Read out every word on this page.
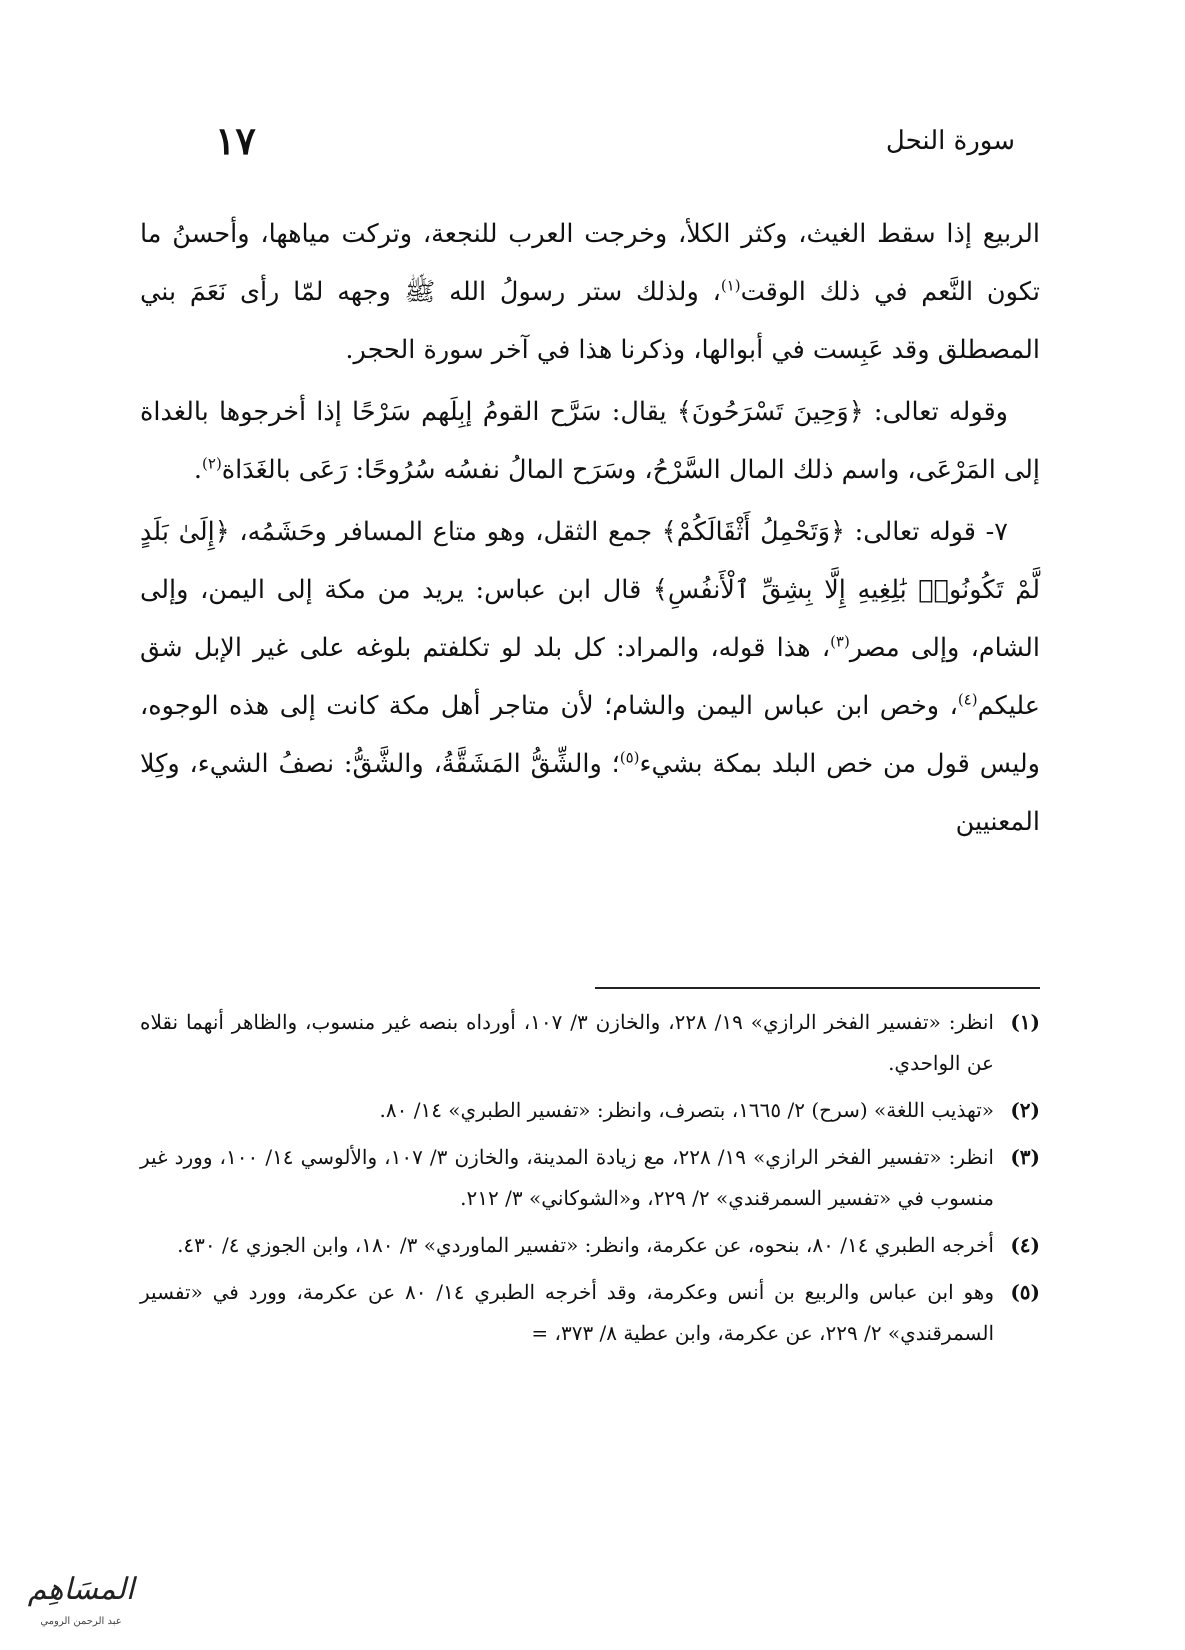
١٧	سورة النحل

الربيع إذا سقط الغيث، وكثر الكلأ، وخرجت العرب للنجعة، وتركت مياهها، وأحسنُ ما تكون النَّعم في ذلك الوقت$^{(١)}$، ولذلك ستر رسولُ الله ﷺ وجهه لمّا رأى نَعَمَ بني المصطلق وقد عَبِست في أبوالها، وذكرنا هذا في آخر سورة الحجر.

وقوله تعالى: ﴿وَحِينَ تَسْرَحُونَ﴾ يقال: سَرَّح القومُ إبِلَهم سَرْحًا إذا أخرجوها بالغداة إلى المَرْعَى، واسم ذلك المال السَّرْحُ، وسَرَح المالُ نفسُه سُرُوحًا: رَعَى بالغَدَاة$^{(٢)}$.

٧- قوله تعالى: ﴿وَتَحْمِلُ أَثْقَالَكُمْ﴾ جمع الثقل، وهو متاع المسافر وحَشَمُه، ﴿إِلَىٰ بَلَدٍ لَّمْ تَكُونُوا۟ بَٰلِغِيهِ إِلَّا بِشِقِّ ٱلْأَنفُسِ﴾ قال ابن عباس: يريد من مكة إلى اليمن، وإلى الشام، وإلى مصر$^{(٣)}$، هذا قوله، والمراد: كل بلد لو تكلفتم بلوغه على غير الإبل شق عليكم$^{(٤)}$، وخص ابن عباس اليمن والشام؛ لأن متاجر أهل مكة كانت إلى هذه الوجوه، وليس قول من خص البلد بمكة بشيء$^{(٥)}$؛ والشِّقُّ المَشَقَّةُ، والشَّقُّ: نصفُ الشيء، وكِلا المعنيين

(١)
انظر: «تفسير الفخر الرازي» ١٩/ ٢٢٨، والخازن ٣/ ١٠٧، أورداه بنصه غير منسوب، والظاهر أنهما نقلاه عن الواحدي.
(٢)
«تهذيب اللغة» (سرح) ٢/ ١٦٦٥، بتصرف، وانظر: «تفسير الطبري» ١٤/ ٨٠.
(٣)
انظر: «تفسير الفخر الرازي» ١٩/ ٢٢٨، مع زيادة المدينة، والخازن ٣/ ١٠٧، والألوسي ١٤/ ١٠٠، وورد غير منسوب في «تفسير السمرقندي» ٢/ ٢٢٩، و«الشوكاني» ٣/ ٢١٢.
(٤)
أخرجه الطبري ١٤/ ٨٠، بنحوه، عن عكرمة، وانظر: «تفسير الماوردي» ٣/ ١٨٠، وابن الجوزي ٤/ ٤٣٠.
(٥)
وهو ابن عباس والربيع بن أنس وعكرمة، وقد أخرجه الطبري ١٤/ ٨٠ عن عكرمة، وورد في «تفسير السمرقندي» ٢/ ٢٢٩، عن عكرمة، وابن عطية ٨/ ٣٧٣، =
المسَاهِم
عبد الرحمن الرومي
